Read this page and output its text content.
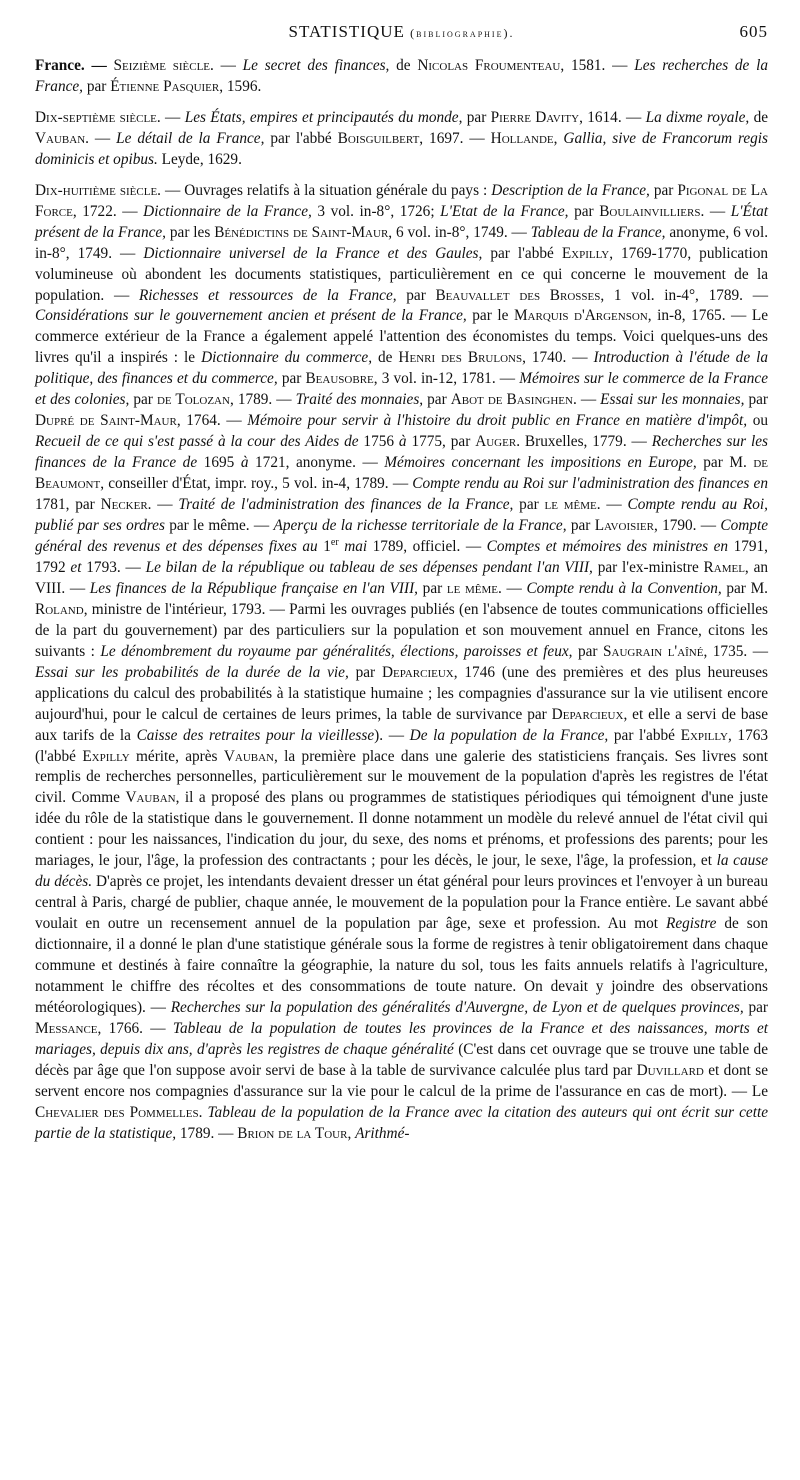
STATISTIQUE (bibliographie).	605

France. — Seizième siècle. — Le secret des finances, de Nicolas Froumenteau, 1581. — Les recherches de la France, par Étienne Pasquier, 1596.

Dix-septième siècle. — Les États, empires et principautés du monde, par Pierre Davity, 1614. — La dixme royale, de Vauban. — Le détail de la France, par l'abbé Boisguilbert, 1697. — Hollande, Gallia, sive de Francorum regis dominicis et opibus. Leyde, 1629.

Dix-huitième siècle. — Ouvrages relatifs à la situation générale du pays : Description de la France, par Pigonal de La Force, 1722. — Dictionnaire de la France, 3 vol. in-8°, 1726; L'Etat de la France, par Boulainvilliers. — L'État présent de la France, par les Bénédictins de Saint-Maur, 6 vol. in-8°, 1749. — Tableau de la France, anonyme, 6 vol. in-8°, 1749. — Dictionnaire universel de la France et des Gaules, par l'abbé Expilly, 1769-1770, publication volumineuse où abondent les documents statistiques, particulièrement en ce qui concerne le mouvement de la population. — Richesses et ressources de la France, par Beauvallet des Brosses, 1 vol. in-4°, 1789. — Considérations sur le gouvernement ancien et présent de la France, par le Marquis d'Argenson, in-8, 1765. — Le commerce extérieur de la France a également appelé l'attention des économistes du temps. Voici quelques-uns des livres qu'il a inspirés : le Dictionnaire du commerce, de Henri des Brulons, 1740. — Introduction à l'étude de la politique, des finances et du commerce, par Beausobre, 3 vol. in-12, 1781. — Mémoires sur le commerce de la France et des colonies, par de Tolozan, 1789. — Traité des monnaies, par Abot de Basinghen. — Essai sur les monnaies, par Dupré de Saint-Maur, 1764. — Mémoire pour servir à l'histoire du droit public en France en matière d'impôt, ou Recueil de ce qui s'est passé à la cour des Aides de 1756 à 1775, par Auger. Bruxelles, 1779. — Recherches sur les finances de la France de 1695 à 1721, anonyme. — Mémoires concernant les impositions en Europe, par M. de Beaumont, conseiller d'État, impr. roy., 5 vol. in-4, 1789. — Compte rendu au Roi sur l'administration des finances en 1781, par Necker. — Traité de l'administration des finances de la France, par le même. — Compte rendu au Roi, publié par ses ordres par le même. — Aperçu de la richesse territoriale de la France, par Lavoisier, 1790. — Compte général des revenus et des dépenses fixes au 1er mai 1789, officiel. — Comptes et mémoires des ministres en 1791, 1792 et 1793. — Le bilan de la république ou tableau de ses dépenses pendant l'an VIII, par l'ex-ministre Ramel, an VIII. — Les finances de la République française en l'an VIII, par le même. — Compte rendu à la Convention, par M. Roland, ministre de l'intérieur, 1793. — Parmi les ouvrages publiés (en l'absence de toutes communications officielles de la part du gouvernement) par des particuliers sur la population et son mouvement annuel en France, citons les suivants : Le dénombrement du royaume par généralités, élections, paroisses et feux, par Saugrain l'aîné, 1735. — Essai sur les probabilités de la durée de la vie, par Deparcieux, 1746 (une des premières et des plus heureuses applications du calcul des probabilités à la statistique humaine ; les compagnies d'assurance sur la vie utilisent encore aujourd'hui, pour le calcul de certaines de leurs primes, la table de survivance par Deparcieux, et elle a servi de base aux tarifs de la Caisse des retraites pour la vieillesse). — De la population de la France, par l'abbé Expilly, 1763 (l'abbé Expilly mérite, après Vauban, la première place dans une galerie des statisticiens français. Ses livres sont remplis de recherches personnelles, particulièrement sur le mouvement de la population d'après les registres de l'état civil. Comme Vauban, il a proposé des plans ou programmes de statistiques périodiques qui témoignent d'une juste idée du rôle de la statistique dans le gouvernement. Il donne notamment un modèle du relevé annuel de l'état civil qui contient : pour les naissances, l'indication du jour, du sexe, des noms et prénoms, et professions des parents; pour les mariages, le jour, l'âge, la profession des contractants ; pour les décès, le jour, le sexe, l'âge, la profession, et la cause du décès. D'après ce projet, les intendants devaient dresser un état général pour leurs provinces et l'envoyer à un bureau central à Paris, chargé de publier, chaque année, le mouvement de la population pour la France entière. Le savant abbé voulait en outre un recensement annuel de la population par âge, sexe et profession. Au mot Registre de son dictionnaire, il a donné le plan d'une statistique générale sous la forme de registres à tenir obligatoirement dans chaque commune et destinés à faire connaître la géographie, la nature du sol, tous les faits annuels relatifs à l'agriculture, notamment le chiffre des récoltes et des consommations de toute nature. On devait y joindre des observations météorologiques). — Recherches sur la population des généralités d'Auvergne, de Lyon et de quelques provinces, par Messance, 1766. — Tableau de la population de toutes les provinces de la France et des naissances, morts et mariages, depuis dix ans, d'après les registres de chaque généralité (C'est dans cet ouvrage que se trouve une table de décès par âge que l'on suppose avoir servi de base à la table de survivance calculée plus tard par Duvillard et dont se servent encore nos compagnies d'assurance sur la vie pour le calcul de la prime de l'assurance en cas de mort). — Le Chevalier des Pommelles. Tableau de la population de la France avec la citation des auteurs qui ont écrit sur cette partie de la statistique, 1789. — Brion de la Tour, Arithmé-
